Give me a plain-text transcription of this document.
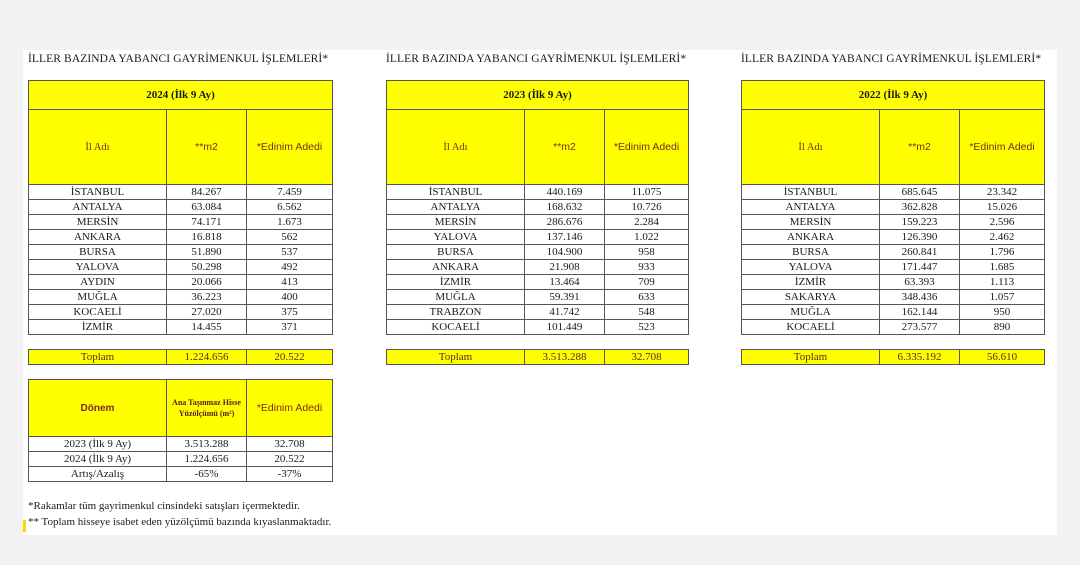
İLLER BAZINDA YABANCI GAYRİMENKUL İŞLEMLERİ*
2024 (İlk 9 Ay)		
İl Adı	**m2	*Edinim Adedi
İSTANBUL	84.267	7.459
ANTALYA	63.084	6.562
MERSİN	74.171	1.673
ANKARA	16.818	562
BURSA	51.890	537
YALOVA	50.298	492
AYDIN	20.066	413
MUĞLA	36.223	400
KOCAELİ	27.020	375
İZMİR	14.455	371

Toplam	1.224.656	20.522
Dönem	Ana Taşınmaz Hisse Yüzölçümü (m²)	*Edinim Adedi
2023 (İlk 9 Ay)	3.513.288	32.708
2024 (İlk 9 Ay)	1.224.656	20.522
Artış/Azalış	-65%	-37%
İLLER BAZINDA YABANCI GAYRİMENKUL İŞLEMLERİ*
2023 (İlk 9 Ay)		
İl Adı	**m2	*Edinim Adedi
İSTANBUL	440.169	11.075
ANTALYA	168.632	10.726
MERSİN	286.676	2.284
YALOVA	137.146	1.022
BURSA	104.900	958
ANKARA	21.908	933
İZMİR	13.464	709
MUĞLA	59.391	633
TRABZON	41.742	548
KOCAELİ	101.449	523

Toplam	3.513.288	32.708
İLLER BAZINDA YABANCI GAYRİMENKUL İŞLEMLERİ*
2022 (İlk 9 Ay)		
İl Adı	**m2	*Edinim Adedi
İSTANBUL	685.645	23.342
ANTALYA	362.828	15.026
MERSİN	159.223	2.596
ANKARA	126.390	2.462
BURSA	260.841	1.796
YALOVA	171.447	1.685
İZMİR	63.393	1.113
SAKARYA	348.436	1.057
MUĞLA	162.144	950
KOCAELİ	273.577	890

Toplam	6.335.192	56.610
*Rakamlar tüm gayrimenkul cinsindeki satışları içermektedir.
** Toplam hisseye isabet eden yüzölçümü bazında kıyaslanmaktadır.
